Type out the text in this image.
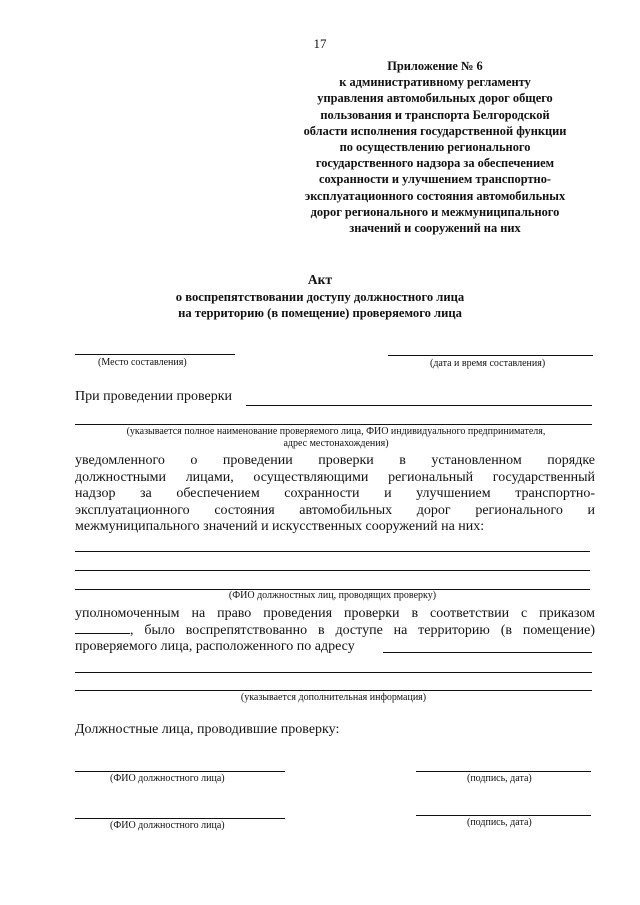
17
Приложение № 6
к административному регламенту
управления автомобильных дорог общего
пользования и транспорта Белгородской
области исполнения государственной функции
по осуществлению регионального
государственного надзора за обеспечением
сохранности и улучшением транспортно-
эксплуатационного состояния автомобильных
дорог регионального и межмуниципального
значений и сооружений на них
Акт
о воспрепятствовании доступу должностного лица
на территорию (в помещение) проверяемого лица
(Место составления)	(дата и время составления)
При проведении проверки
(указывается полное наименование проверяемого лица, ФИО индивидуального предпринимателя,
адрес местонахождения)
уведомленного о проведении проверки в установленном порядке
должностными лицами, осуществляющими региональный государственный
надзор за обеспечением сохранности и улучшением транспортно-
эксплуатационного состояния автомобильных дорог регионального и
межмуниципального значений и искусственных сооружений на них:
(ФИО должностных лиц, проводящих проверку)
уполномоченным на право проведения проверки в соответствии с приказом
, было воспрепятствованно в доступе на территорию (в помещение)
проверяемого лица, расположенного по адресу
(указывается дополнительная информация)
Должностные лица, проводившие проверку:
(ФИО должностного лица)	(подпись, дата)
(ФИО должностного лица)	(подпись, дата)
